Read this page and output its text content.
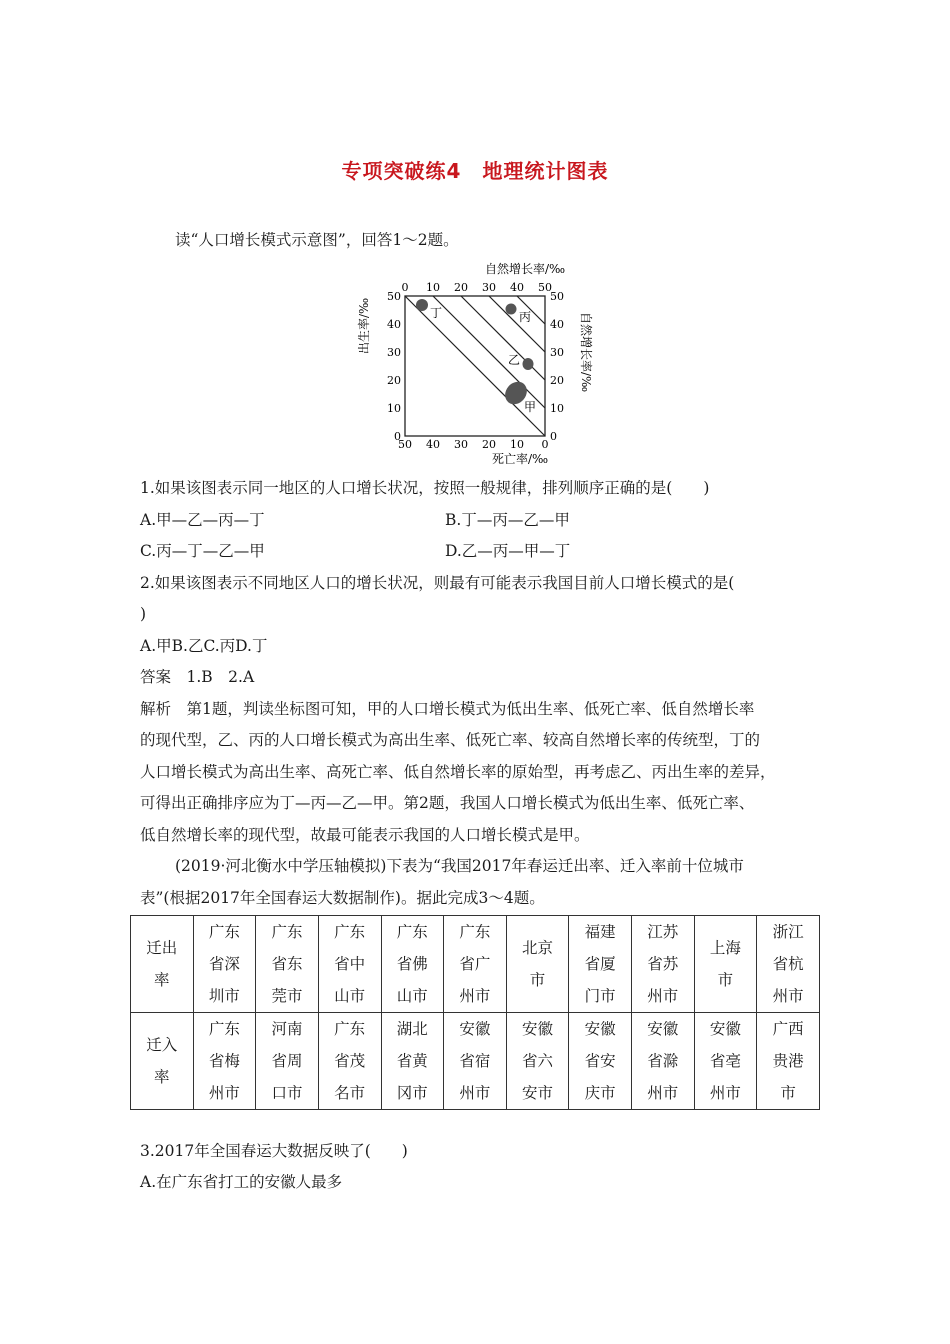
专项突破练4　地理统计图表
读“人口增长模式示意图”，回答1～2题。
自然增长率/‰
自然增长率/‰
出生率/‰
死亡率/‰
0 10 20 30 40 50
50
40
30
20
10
0
50
40
30
20
10
0
50 40 30 20 10 0
丁	丙
乙
甲
1.如果该图表示同一地区的人口增长状况，按照一般规律，排列顺序正确的是(　　)
A.甲—乙—丙—丁	B.丁—丙—乙—甲
C.丙—丁—乙—甲	D.乙—丙—甲—丁
2.如果该图表示不同地区人口的增长状况，则最有可能表示我国目前人口增长模式的是(
)
A.甲B.乙C.丙D.丁
答案　1.B　2.A
解析　第1题，判读坐标图可知，甲的人口增长模式为低出生率、低死亡率、低自然增长率
的现代型，乙、丙的人口增长模式为高出生率、低死亡率、较高自然增长率的传统型，丁的
人口增长模式为高出生率、高死亡率、低自然增长率的原始型，再考虑乙、丙出生率的差异，
可得出正确排序应为丁—丙—乙—甲。第2题，我国人口增长模式为低出生率、低死亡率、
低自然增长率的现代型，故最可能表示我国的人口增长模式是甲。
(2019·河北衡水中学压轴模拟)下表为“我国2017年春运迁出率、迁入率前十位城市
表”(根据2017年全国春运大数据制作)。据此完成3～4题。
迁出率	广东省深圳市	广东省东莞市	广东省中山市	广东省佛山市	广东省广州市	北京市	福建省厦门市	江苏省苏州市	上海市	浙江省杭州市
迁入率	广东省梅州市	河南省周口市	广东省茂名市	湖北省黄冈市	安徽省宿州市	安徽省六安市	安徽省安庆市	安徽省滁州市	安徽省亳州市	广西贵港市
3.2017年全国春运大数据反映了(　　)
A.在广东省打工的安徽人最多
